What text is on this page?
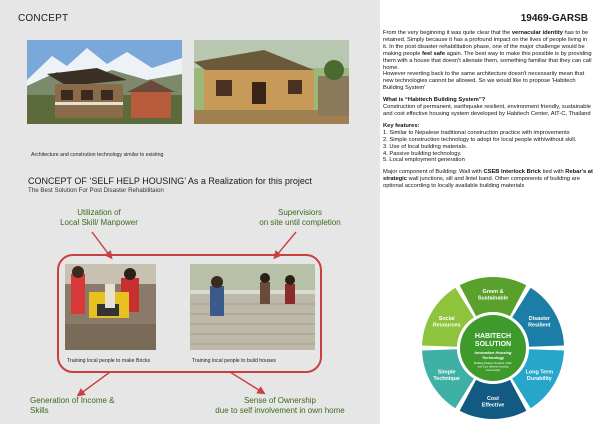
CONCEPT
Architecture and constrution technology similar to existing
CONCEPT OF ‘SELF HELP HOUSING’ As a Realization for this project
The Best Solution For Post Disaster Rehabilitaion
Utilization of
Local Skill/ Manpower
Supervisiors
on site until completion
Training local people to make Bricks	Training local people to build houses
Generation of Income &
Skills
Sense of Ownership
due to self involvement in own home
19469-GARSB

From the very beginning it was quite clear that the vernacular identity has to be retained. Simply because it has a profound impact on the lives of people living in it. In the post disaster rehabilitation phase, one of the major challenge would be making people feel safe again. The best way to make this possible is by providing them with a house that doesn't alienate them, something familiar that they can call home.

However reverting back to the same architecture doesn't necessarily mean that new technologies cannot be allowed. So we would like to propose 'Habitech Building System'

What is “Habitech Building System”?

Construction of permanent, earthquake resilient, environment friendly, sustainable and cost effective housing system developed by Habitech Center, AIT-C, Thailand

Key features:

1. Similar to Nepalese traditional construction practice with improvements

2. Simple construction technology to adopt for local people with/without skill.

3. Use of local building materials.

4. Passive building technology.

5. Local employment generation

Major component of Building: Wall with CSEB Interlock Brick tied with Rebar's at strategic wall junctions, sill and lintel band. Other components of building are optional according to locally available building materials

Green &
Sustainable
Disaster
Resilient
Long Term
Durability
Cost
Effective
Simple
Technique
Social
Resources
HABITECH
SOLUTION
Innovative Housing
Technology
Building Disaster Resilient, Safer
and Cost effective housing
communities
